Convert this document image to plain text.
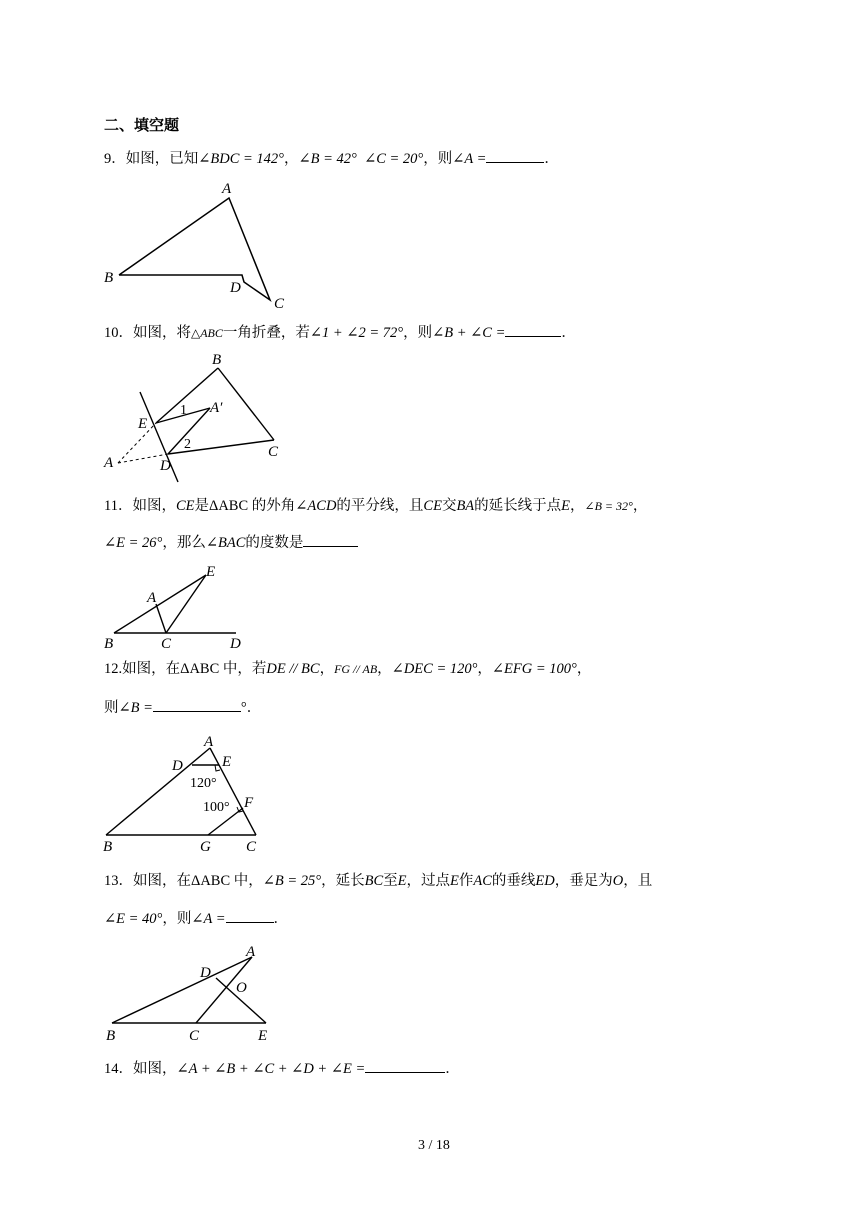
二、填空题
9．如图，已知∠BDC = 142°，∠B = 42° ∠C = 20°，则∠A =	．
A
B
C
D
10．如图，将△ABC一角折叠，若∠1 + ∠2 = 72°，则∠B + ∠C =	．
B
C
E
A′
D
A
1
2
11．如图，CE是ΔABC 的外角∠ACD的平分线，且CE交BA的延长线于点E，∠B = 32°，
∠E = 26°，那么∠BAC的度数是
E
A
B	C	D
12.如图，在ΔABC 中，若DE // BC，FG // AB，∠DEC = 120°，∠EFG = 100°，
则∠B =	°．
A
D	E
F
G
B	C
120°
100°
13．如图，在ΔABC 中，∠B = 25°，延长BC至E，过点E作AC的垂线ED，垂足为O，且
∠E = 40°，则∠A =	．
A
D
O
B	C	E
14．如图，∠A + ∠B + ∠C + ∠D + ∠E =	．
3 / 18
